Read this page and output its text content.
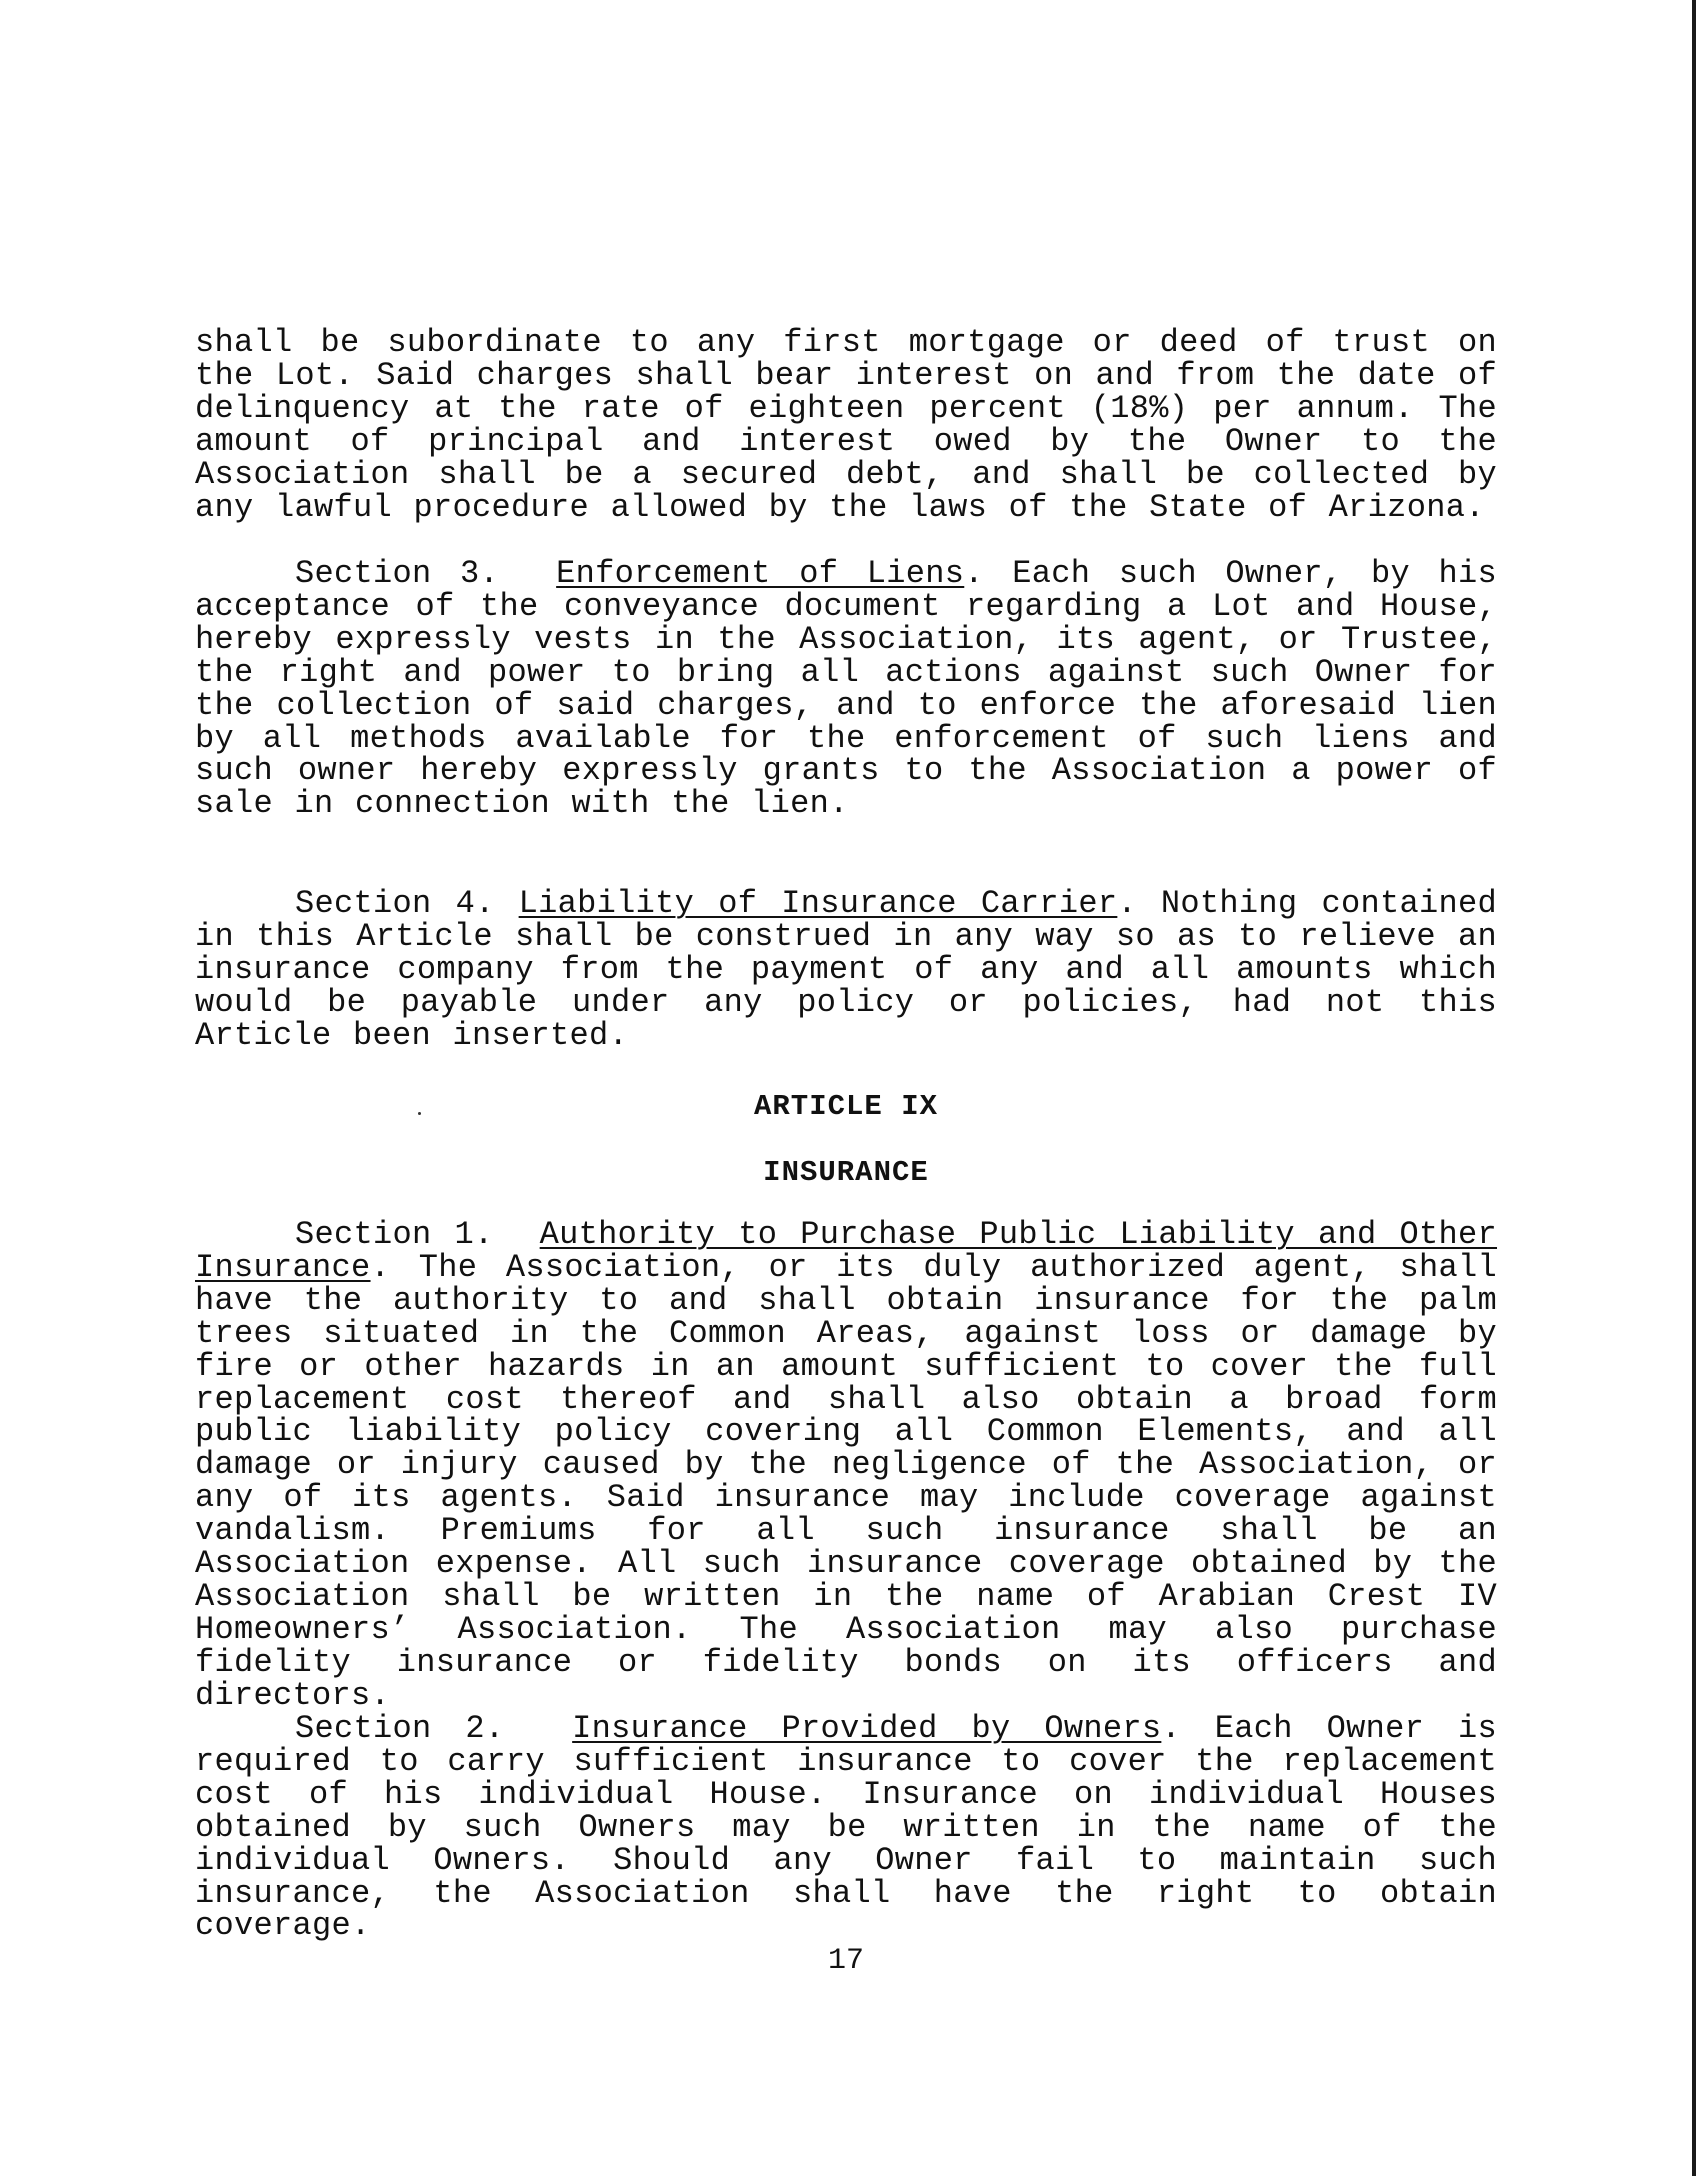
shall be subordinate to any first mortgage or deed of trust on the Lot. Said charges shall bear interest on and from the date of delinquency at the rate of eighteen percent (18%) per annum. The amount of principal and interest owed by the Owner to the Association shall be a secured debt, and shall be collected by any lawful procedure allowed by the laws of the State of Arizona.

Section 3. Enforcement of Liens. Each such Owner, by his acceptance of the conveyance document regarding a Lot and House, hereby expressly vests in the Association, its agent, or Trustee, the right and power to bring all actions against such Owner for the collection of said charges, and to enforce the aforesaid lien by all methods available for the enforcement of such liens and such owner hereby expressly grants to the Association a power of sale in connection with the lien.

Section 4. Liability of Insurance Carrier. Nothing contained in this Article shall be construed in any way so as to relieve an insurance company from the payment of any and all amounts which would be payable under any policy or policies, had not this Article been inserted.

ARTICLE IX

INSURANCE

Section 1. Authority to Purchase Public Liability and Other Insurance. The Association, or its duly authorized agent, shall have the authority to and shall obtain insurance for the palm trees situated in the Common Areas, against loss or damage by fire or other hazards in an amount sufficient to cover the full replacement cost thereof and shall also obtain a broad form public liability policy covering all Common Elements, and all damage or injury caused by the negligence of the Association, or any of its agents. Said insurance may include coverage against vandalism. Premiums for all such insurance shall be an Association expense. All such insurance coverage obtained by the Association shall be written in the name of Arabian Crest IV Homeowners’ Association. The Association may also purchase fidelity insurance or fidelity bonds on its officers and directors.

Section 2. Insurance Provided by Owners. Each Owner is required to carry sufficient insurance to cover the replacement cost of his individual House. Insurance on individual Houses obtained by such Owners may be written in the name of the individual Owners. Should any Owner fail to maintain such insurance, the Association shall have the right to obtain coverage.

17
